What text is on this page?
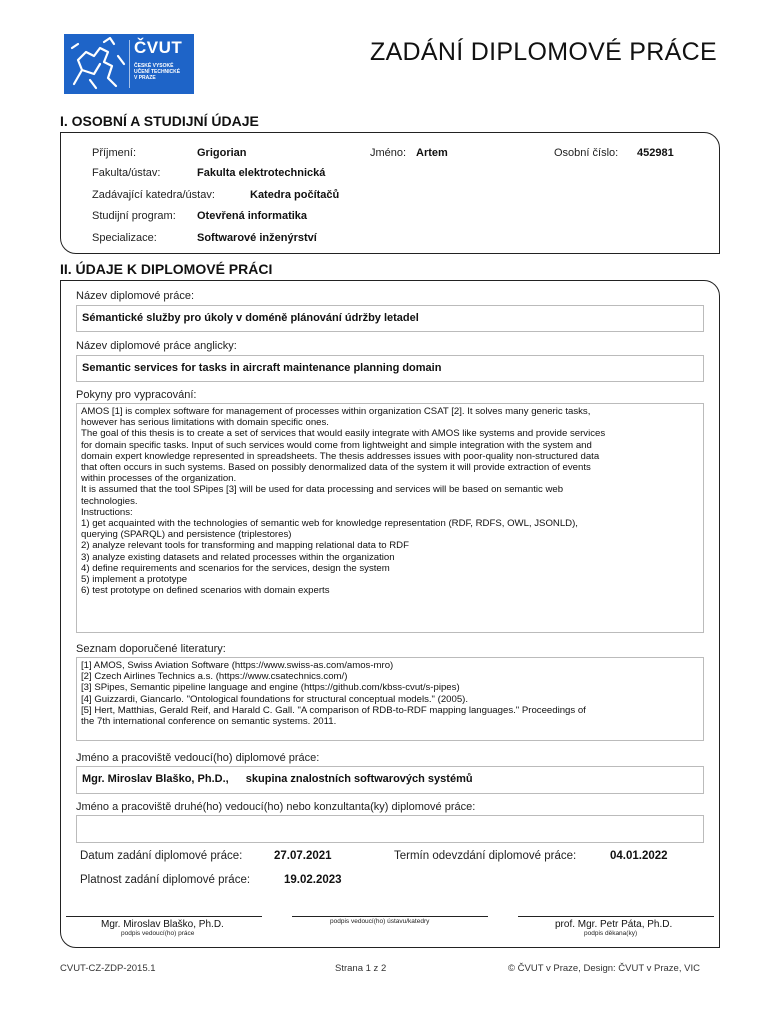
ČVUT
ČESKÉ VYSOKÉ
UČENÍ TECHNICKÉ
V PRAZE
ZADÁNÍ DIPLOMOVÉ PRÁCE
I. OSOBNÍ A STUDIJNÍ ÚDAJE
Příjmení:	Grigorian	Jméno: Artem	Osobní číslo: 452981
Fakulta/ústav:	Fakulta elektrotechnická
Zadávající katedra/ústav:	Katedra počítačů
Studijní program: Otevřená informatika
Specializace:	Softwarové inženýrství
II. ÚDAJE K DIPLOMOVÉ PRÁCI
Název diplomové práce:
Sémantické služby pro úkoly v doméně plánování údržby letadel
Název diplomové práce anglicky:
Semantic services for tasks in aircraft maintenance planning domain
Pokyny pro vypracování:
AMOS [1] is complex software for management of processes within organization CSAT [2]. It solves many generic tasks,
however has serious limitations with domain specific ones.
The goal of this thesis is to create a set of services that would easily integrate with AMOS like systems and provide services
for domain specific tasks. Input of such services would come from lightweight and simple integration with the system and
domain expert knowledge represented in spreadsheets. The thesis addresses issues with poor-quality non-structured data
that often occurs in such systems. Based on possibly denormalized data of the system it will provide extraction of events
within processes of the organization.
It is assumed that the tool SPipes [3] will be used for data processing and services will be based on semantic web
technologies.
Instructions:
1) get acquainted with the technologies of semantic web for knowledge representation (RDF, RDFS, OWL, JSONLD),
querying (SPARQL) and persistence (triplestores)
2) analyze relevant tools for transforming and mapping relational data to RDF
3) analyze existing datasets and related processes within the organization
4) define requirements and scenarios for the services, design the system
5) implement a prototype
6) test prototype on defined scenarios with domain experts
Seznam doporučené literatury:
[1] AMOS, Swiss Aviation Software (https://www.swiss-as.com/amos-mro)
[2] Czech Airlines Technics a.s. (https://www.csatechnics.com/)
[3] SPipes, Semantic pipeline language and engine (https://github.com/kbss-cvut/s-pipes)
[4] Guizzardi, Giancarlo. "Ontological foundations for structural conceptual models." (2005).
[5] Hert, Matthias, Gerald Reif, and Harald C. Gall. "A comparison of RDB-to-RDF mapping languages." Proceedings of
the 7th international conference on semantic systems. 2011.
Jméno a pracoviště vedoucí(ho) diplomové práce:
Mgr. Miroslav Blaško, Ph.D., skupina znalostních softwarových systémů
Jméno a pracoviště druhé(ho) vedoucí(ho) nebo konzultanta(ky) diplomové práce:
Datum zadání diplomové práce:	27.07.2021	Termín odevzdání diplomové práce:	04.01.2022
Platnost zadání diplomové práce:	19.02.2023
Mgr. Miroslav Blaško, Ph.D.
podpis vedoucí(ho) práce
podpis vedoucí(ho) ústavu/katedry	prof. Mgr. Petr Páta, Ph.D.
podpis děkana(ky)
CVUT-CZ-ZDP-2015.1	Strana 1 z 2	© ČVUT v Praze, Design: ČVUT v Praze, VIC
